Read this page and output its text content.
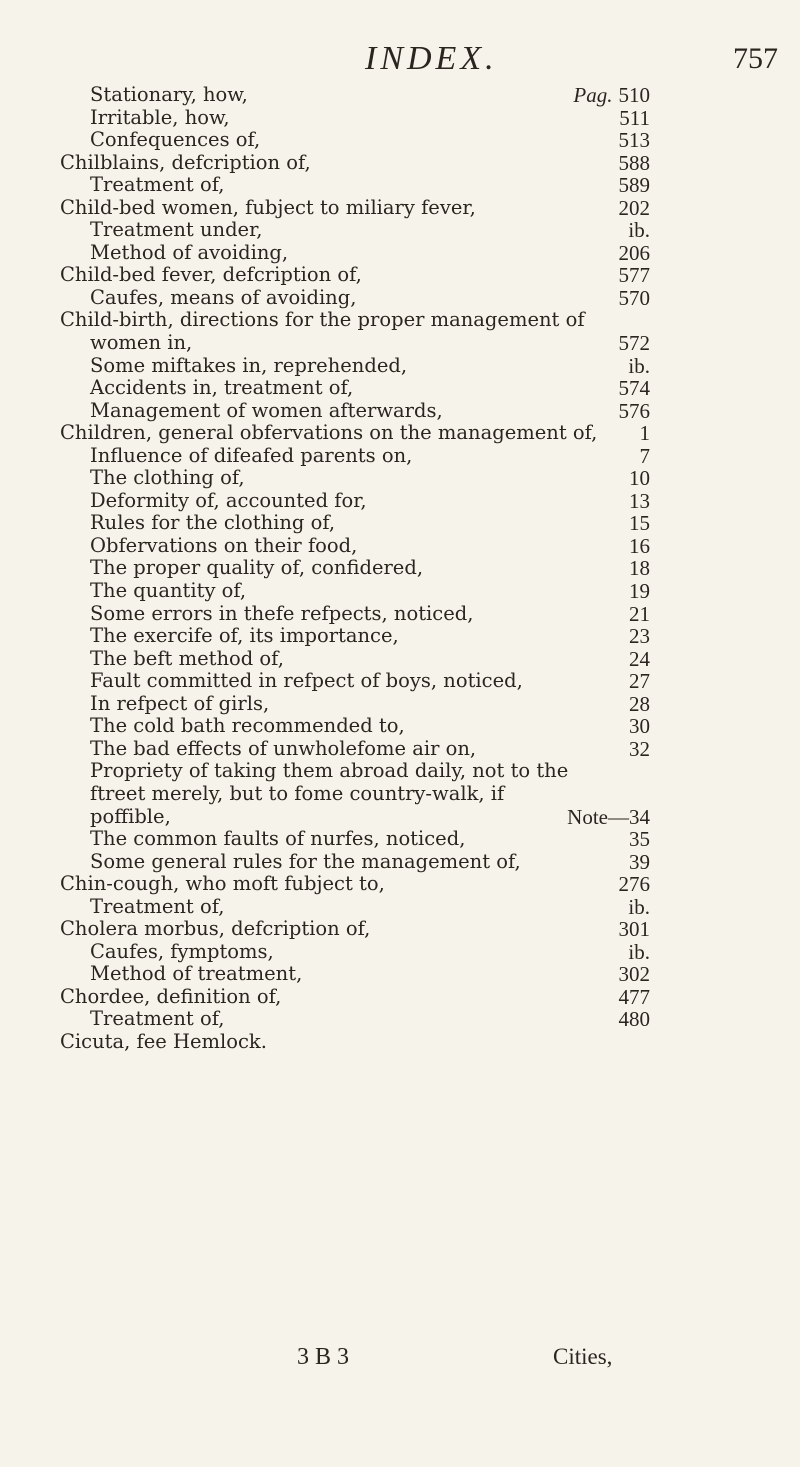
INDEX.	757
Stationary, how,	Pag. 510
Irritable, how,	511
Confequences of,	513
Chilblains, defcription of,	588
Treatment of,	589
Child-bed women, fubject to miliary fever,	202
Treatment under,	ib.
Method of avoiding,	206
Child-bed fever, defcription of,	577
Caufes, means of avoiding,	570
Child-birth, directions for the proper management of
women in,	572
Some miftakes in, reprehended,	ib.
Accidents in, treatment of,	574
Management of women afterwards,	576
Children, general obfervations on the management of, 1
Influence of difeafed parents on,	7
The clothing of,	10
Deformity of, accounted for,	13
Rules for the clothing of,	15
Obfervations on their food,	16
The proper quality of, confidered,	18
The quantity of,	19
Some errors in thefe refpects, noticed,	21
The exercife of, its importance,	23
The beft method of,	24
Fault committed in refpect of boys, noticed,	27
In refpect of girls,	28
The cold bath recommended to,	30
The bad effects of unwholefome air on,	32
Propriety of taking them abroad daily, not to the
ftreet merely, but to fome country-walk, if
poffible,	Note—34
The common faults of nurfes, noticed,	35
Some general rules for the management of,	39
Chin-cough, who moft fubject to,	276
Treatment of,	ib.
Cholera morbus, defcription of,	301
Caufes, fymptoms,	ib.
Method of treatment,	302
Chordee, definition of,	477
Treatment of,	480
Cicuta, fee Hemlock.
3 B 3	Cities,
